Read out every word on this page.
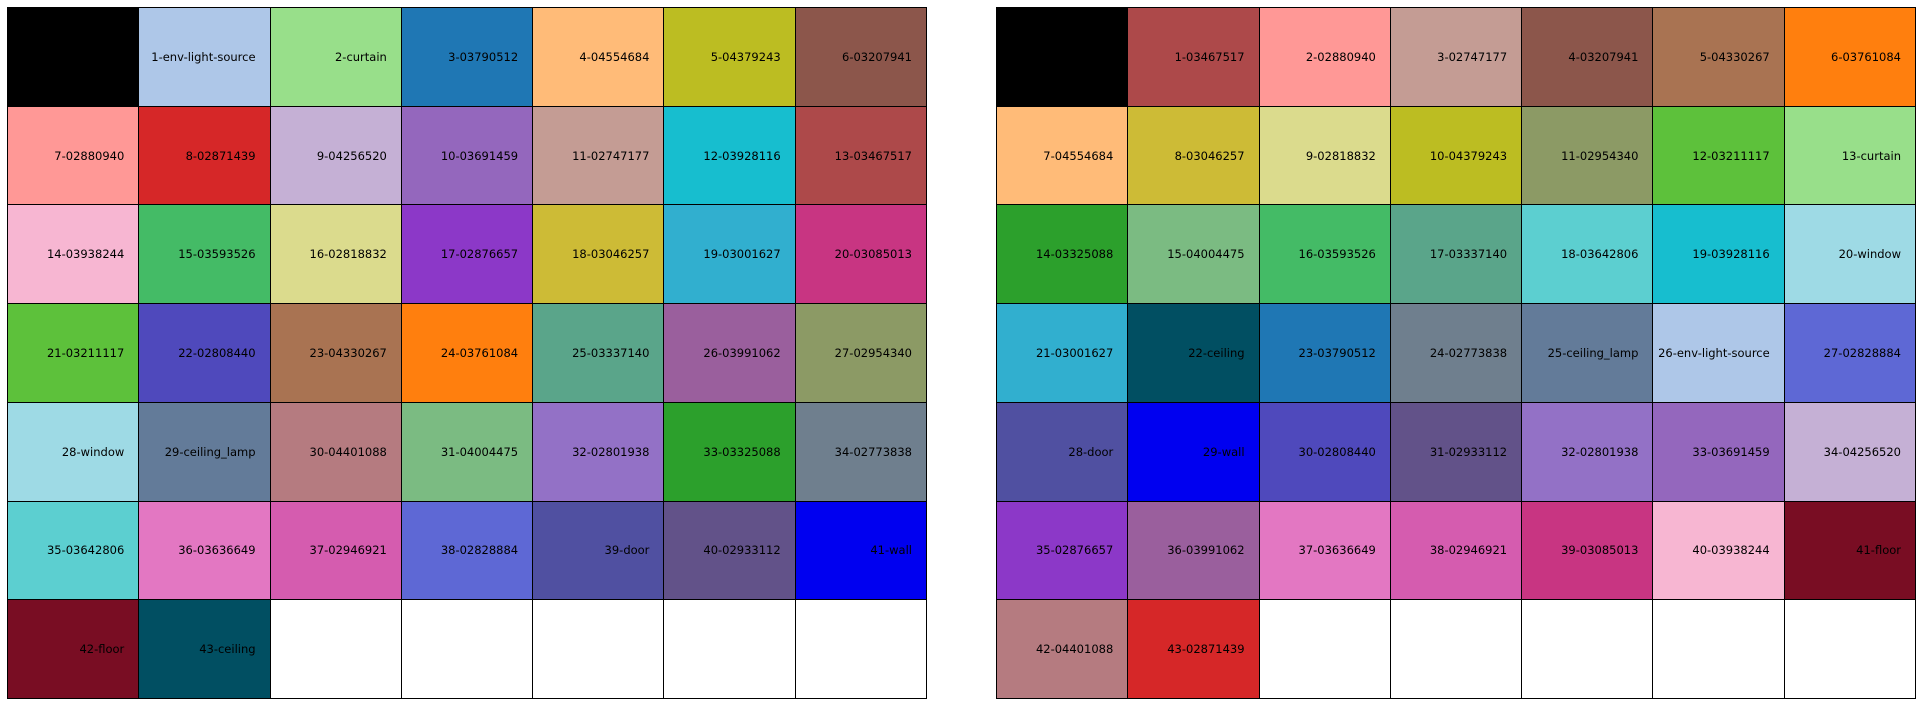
1-env-light-source	2-curtain	3-03790512	4-04554684	5-04379243	6-03207941
7-02880940	8-02871439	9-04256520	10-03691459	11-02747177	12-03928116	13-03467517
14-03938244	15-03593526	16-02818832	17-02876657	18-03046257	19-03001627	20-03085013
21-03211117	22-02808440	23-04330267	24-03761084	25-03337140	26-03991062	27-02954340
28-window	29-ceiling_lamp	30-04401088	31-04004475	32-02801938	33-03325088	34-02773838
35-03642806	36-03636649	37-02946921	38-02828884	39-door	40-02933112	41-wall
42-floor	43-ceiling
1-03467517	2-02880940	3-02747177	4-03207941	5-04330267	6-03761084
7-04554684	8-03046257	9-02818832	10-04379243	11-02954340	12-03211117	13-curtain
14-03325088	15-04004475	16-03593526	17-03337140	18-03642806	19-03928116	20-window
21-03001627	22-ceiling	23-03790512	24-02773838	25-ceiling_lamp	26-env-light-source	27-02828884
28-door	29-wall	30-02808440	31-02933112	32-02801938	33-03691459	34-04256520
35-02876657	36-03991062	37-03636649	38-02946921	39-03085013	40-03938244	41-floor
42-04401088	43-02871439
